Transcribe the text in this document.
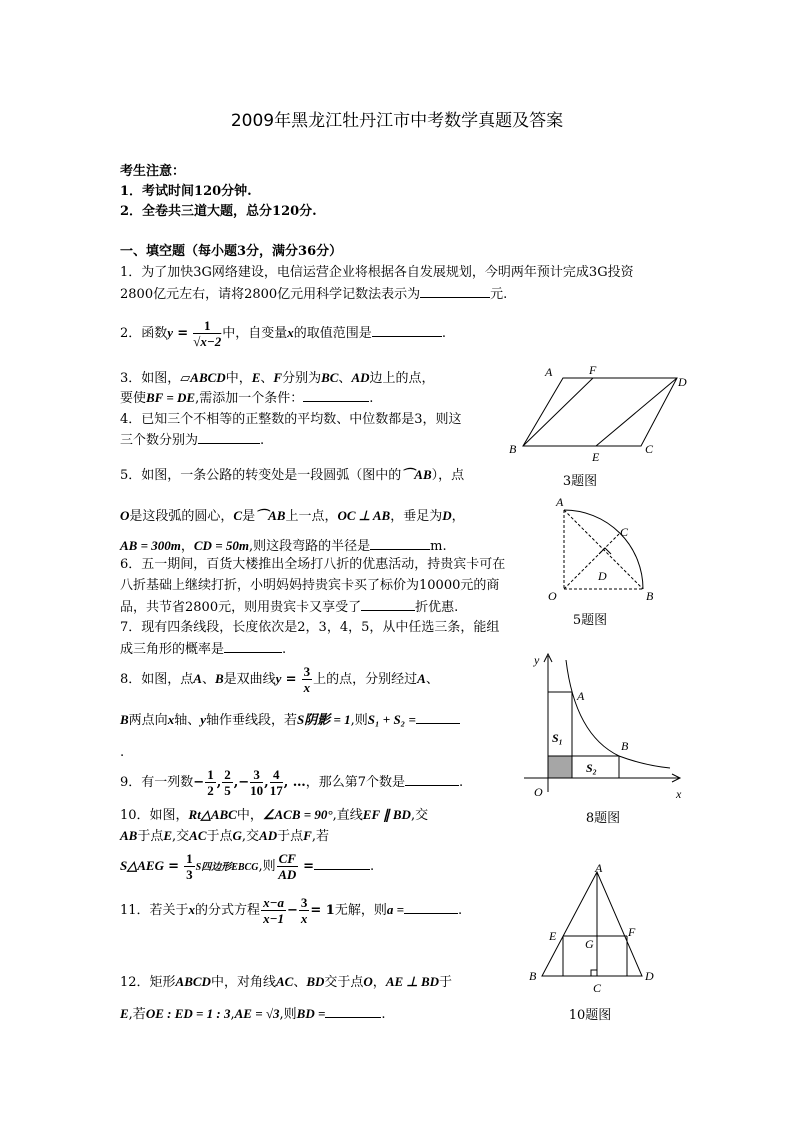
2009年黑龙江牡丹江市中考数学真题及答案
考生注意：
1．考试时间120分钟.
2．全卷共三道大题，总分120分.
一、填空题（每小题3分，满分36分）
1．为了加快3G网络建设，电信运营企业将根据各自发展规划，今明两年预计完成3G投资
2800亿元左右，请将2800亿元用科学记数法表示为	元.
2．函数$y = \frac{1}{√x-2}$ 中，自变量x的取值范围是	.
3．如图，▱ABCD中，E、F分别为BC、AD边上的点，
要使BF = DE,需添加一个条件：	.
4．已知三个不相等的正整数的平均数、中位数都是3，则这
三个数分别为	.
5．如图，一条公路的转变处是一段圆弧（图中的⌒AB），点
O是这段弧的圆心，C是⌒AB上一点，OC ⊥ AB，垂足为D，
AB = 300m，CD = 50m,则这段弯路的半径是	m.
6．五一期间，百货大楼推出全场打八折的优惠活动，持贵宾卡可在
八折基础上继续打折，小明妈妈持贵宾卡买了标价为10000元的商
品，共节省2800元，则用贵宾卡又享受了	折优惠.
7．现有四条线段，长度依次是2，3，4，5，从中任选三条，能组
成三角形的概率是	.
8．如图，点A、B是双曲线$y = \frac{3}{x}$ 上的点，分别经过A、
B两点向x轴、y轴作垂线段，若S阴影 = 1,则S₁ + S₂ =
.
9．有一列数− $\frac{1}{2}$ , $\frac{2}{5}$ ,− $\frac{3}{10}$ , $\frac{4}{17}$ , …，那么第7个数是	.
10．如图，Rt△ABC中，∠ACB = 90°,直线EF ∥ BD,交
AB于点E,交AC于点G,交AD于点F,若
S△AEG = $\frac{1}{3}$ S四边形EBCG,则 $\frac{CF}{AD}$ =	.
11．若关于x的分式方程 $\frac{x-a}{x-1} - \frac{3}{x} = 1$无解，则a =	.
12．矩形ABCD中，对角线AC、BD交于点O，AE ⊥ BD于
E,若OE : ED = 1 : 3,AE = √3,则BD =	.
A	F
D
B
E
C
3题图
A
C
D
O	B
5题图
y
A
S₁
B
S₂
O	x
8题图
A
E
G
F
B
C
D
10题图
